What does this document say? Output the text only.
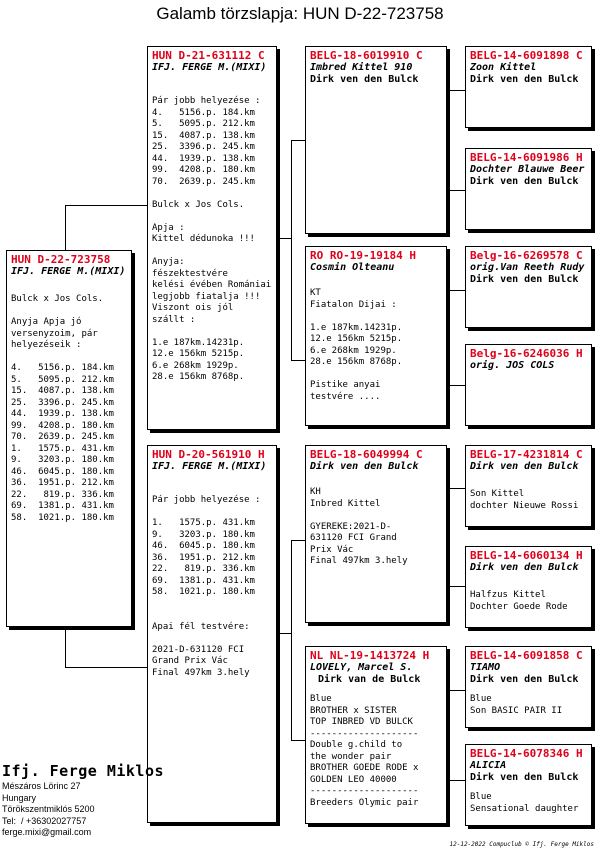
Galamb törzslapja: HUN D-22-723758
HUN D-22-723758
IFJ. FERGE M.(MIXI)
Bulck x Jos Cols.

Anyja Apja jó
versenyzoim, pár
helyezéseik :

4.   5156.p. 184.km
5.   5095.p. 212.km
15.  4087.p. 138.km
25.  3396.p. 245.km
44.  1939.p. 138.km
99.  4208.p. 180.km
70.  2639.p. 245.km
1.   1575.p. 431.km
9.   3203.p. 180.km
46.  6045.p. 180.km
36.  1951.p. 212.km
22.   819.p. 336.km
69.  1381.p. 431.km
58.  1021.p. 180.km
HUN D-21-631112 C
IFJ. FERGE M.(MIXI)
Pár jobb helyezése :
4.   5156.p. 184.km
5.   5095.p. 212.km
15.  4087.p. 138.km
25.  3396.p. 245.km
44.  1939.p. 138.km
99.  4208.p. 180.km
70.  2639.p. 245.km

Bulck x Jos Cols.

Apja :
Kittel dédunoka !!!

Anyja:
fészektestvére
kelési évében Romániai
legjobb fiatalja !!!
Viszont ois jól
szállt :

1.e 187km.14231p.
12.e 156km 5215p.
6.e 268km 1929p.
28.e 156km 8768p.
HUN D-20-561910 H
IFJ. FERGE M.(MIXI)
Pár jobb helyezése :

1.   1575.p. 431.km
9.   3203.p. 180.km
46.  6045.p. 180.km
36.  1951.p. 212.km
22.   819.p. 336.km
69.  1381.p. 431.km
58.  1021.p. 180.km

Apai fél testvére:

2021-D-631120 FCI
Grand Prix Vác
Final 497km 3.hely
BELG-18-6019910 C
Imbred Kittel 910
Dirk ven den Bulck
RO RO-19-19184 H
Cosmin Olteanu
KT
Fiatalon Dijai :

1.e 187km.14231p.
12.e 156km 5215p.
6.e 268km 1929p.
28.e 156km 8768p.

Pistike anyai
testvére ....
BELG-18-6049994 C
Dirk ven den Bulck
KH
Inbred Kittel

GYEREKE:2021-D-
631120 FCI Grand
Prix Vác
Final 497km 3.hely
NL NL-19-1413724 H
LOVELY, Marcel S.
Dirk van de Bulck
Blue
BROTHER x SISTER
TOP INBRED VD BULCK
--------------------
Double g.child to
the wonder pair
BROTHER GOEDE RODE x
GOLDEN LEO 40000
--------------------
Breeders Olymic pair
BELG-14-6091898 C
Zoon Kittel
Dirk ven den Bulck
BELG-14-6091986 H
Dochter Blauwe Beer
Dirk ven den Bulck
Belg-16-6269578 C
orig.Van Reeth Rudy
Dirk ven den Bulck
Belg-16-6246036 H
orig. JOS COLS
BELG-17-4231814 C
Dirk ven den Bulck
Son Kittel
dochter Nieuwe Rossi
BELG-14-6060134 H
Dirk ven den Bulck
Halfzus Kittel
Dochter Goede Rode
BELG-14-6091858 C
TIAMO
Dirk ven den Bulck
Blue
Son BASIC PAIR II
BELG-14-6078346 H
ALICIA
Dirk ven den Bulck
Blue
Sensational daughter
Ifj. Ferge Miklos
Mészáros Lörinc 27
Hungary
Törökszentmiklós 5200
Tel:  / +36302027757
ferge.mixi@gmail.com
12-12-2022 Compuclub © Ifj. Ferge Miklos
